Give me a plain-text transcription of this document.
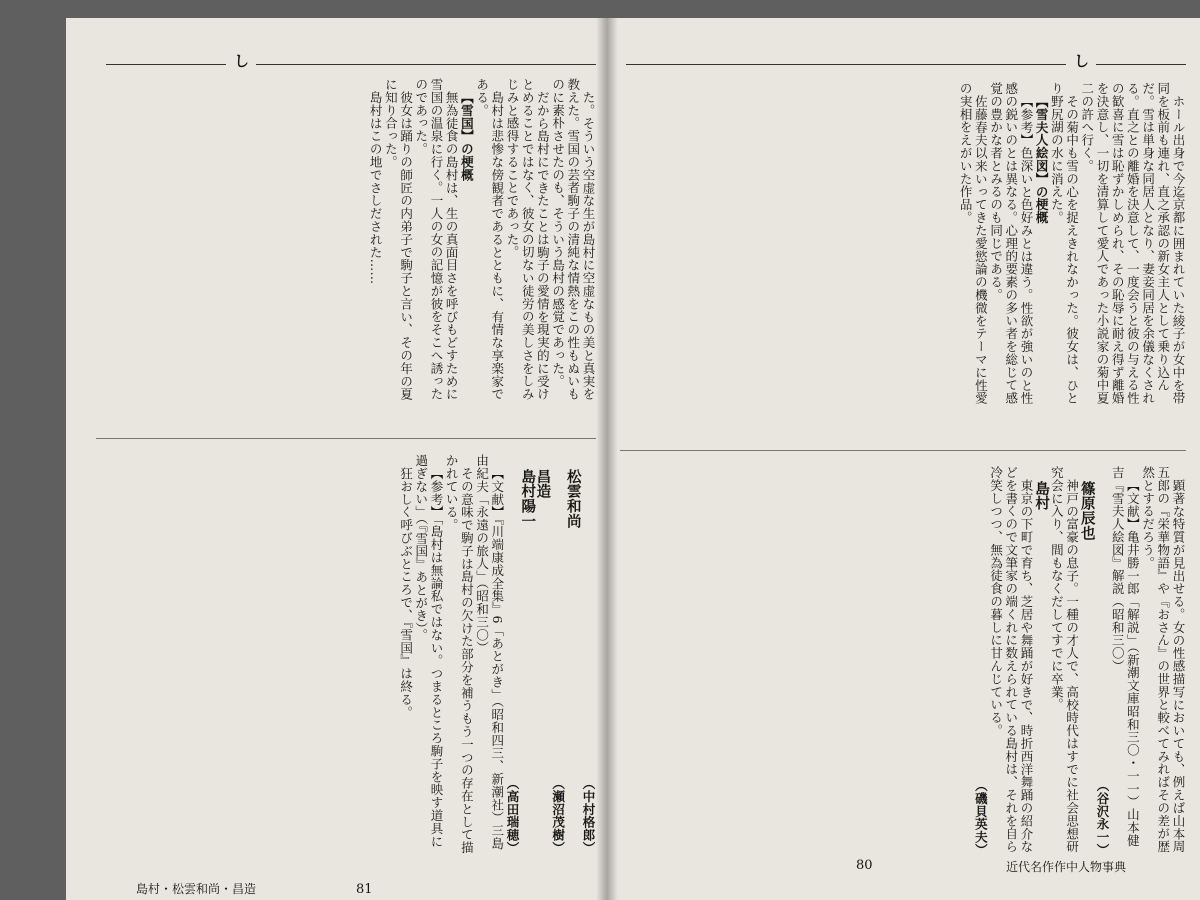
し

ホール出身で今迄京都に囲まれていた綾子が女中を帯同を板前も連れ、直之承認の新女主人として乗り込んだ。雪は単身な同居人となり、妻妾同居を余儀なくされる。直之との離婚を決意して、一度会うと彼の与える性の歓喜に雪は恥ずかしめられ、その恥辱に耐え得ず離婚を決意し、一切を清算して愛人であった小説家の菊中夏二の許へ行く。

その菊中も雪の心を捉えきれなかった。彼女は、ひとり野尻湖の水に消えた。

【雪夫人絵図】の梗概

【参考】色深いと色好みとは違う。性欲が強いのと性感の鋭いのとは異なる。心理的要素の多い者を総じて感覚の豊かな者とみるのも同じである。

佐藤春夫以来いってきた愛慾論の機微をテーマに性愛の実相をえがいた作品。

顕著な特質が見出せる。女の性感描写においても、例えば山本周五郎の『栄華物語』や『おさん』の世界と較べてみればその差が歴然とするだろう。

【文献】亀井勝一郎「解説」（新潮文庫昭和三〇・一一）山本健吉『雪夫人絵図』解説（昭和三〇）

（谷沢永一）

篠原辰也

神戸の富豪の息子。一種の才人で、高校時代はすでに社会思想研究会に入り、間もなくだしてすでに卒業。

島村

東京の下町で育ち、芝居や舞踊が好きで、時折西洋舞踊の紹介などを書くので文筆家の端くれに数えられている島村は、それを自ら冷笑しつつ、無為徒食の暮しに甘んじている。

（磯貝英夫）

80	近代名作作中人物事典
し

た。そういう空虚な生が島村に空虚なもの美と真実を教えた。雪国の芸者駒子の清純な情熱をこの性もぬいものに素朴させたのも、そういう島村の感覚であった。

だから島村にできたことは駒子の愛情を現実的に受けとめることではなく、彼女の切ない徒労の美しさをしみじみと感得することであった。

島村は悲惨な傍観者であるとともに、有情な享楽家である。

【雪国】の梗概

無為徒食の島村は、生の真面目さを呼びもどすために雪国の温泉に行く。一人の女の記憶が彼をそこへ誘ったのであった。

彼女は踊りの師匠の内弟子で駒子と言い、その年の夏に知り合った。

島村はこの地でさしだされた……

（中村格郎）

松雲和尚

（瀬沼茂樹）

昌造

島村陽一

（高田瑞穂）

【文献】『川端康成全集』6「あとがき」（昭和四三、新潮社）三島由紀夫「永遠の旅人」（昭和三〇）

その意味で駒子は島村の欠けた部分を補うもう一つの存在として描かれている。

【参考】「島村は無論私ではない。つまるところ駒子を映す道具に過ぎない」（『雪国』あとがき）。

狂おしく呼びぶところで、『雪国』は終る。

島村・松雲和尚・昌造	81
